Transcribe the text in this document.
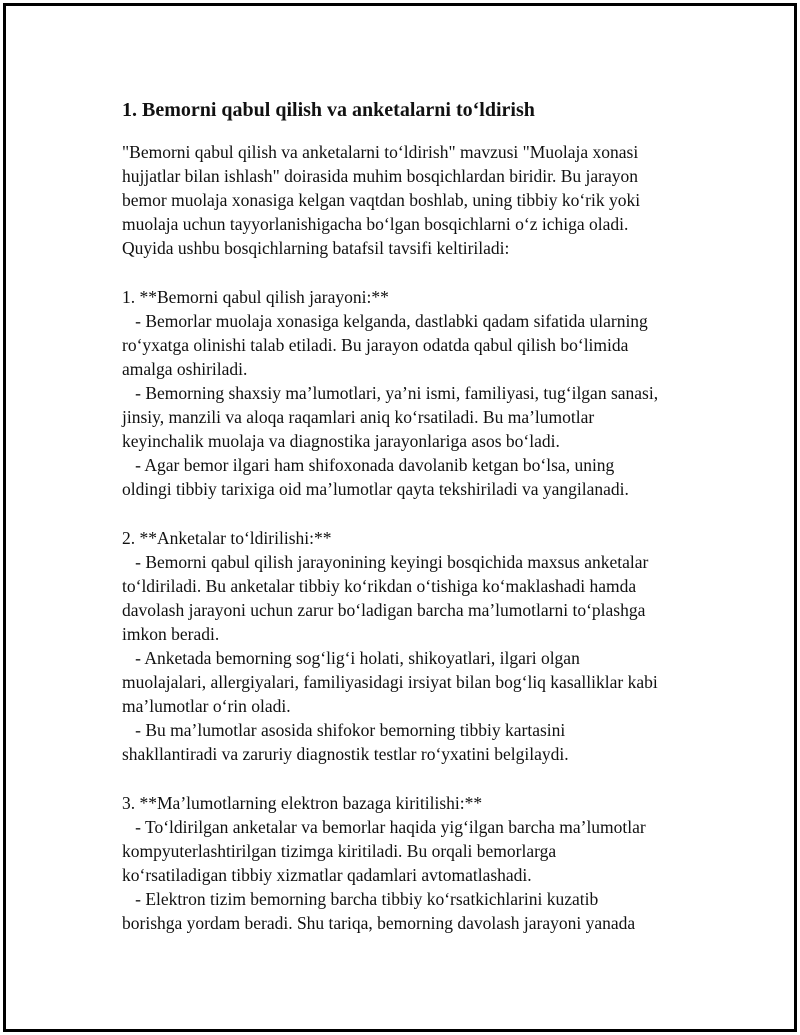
1. Bemorni qabul qilish va anketalarni to‘ldirish

"Bemorni qabul qilish va anketalarni to‘ldirish" mavzusi "Muolaja xonasi

hujjatlar bilan ishlash" doirasida muhim bosqichlardan biridir. Bu jarayon

bemor muolaja xonasiga kelgan vaqtdan boshlab, uning tibbiy ko‘rik yoki

muolaja uchun tayyorlanishigacha bo‘lgan bosqichlarni o‘z ichiga oladi.

Quyida ushbu bosqichlarning batafsil tavsifi keltiriladi:

1. **Bemorni qabul qilish jarayoni:**

- Bemorlar muolaja xonasiga kelganda, dastlabki qadam sifatida ularning

ro‘yxatga olinishi talab etiladi. Bu jarayon odatda qabul qilish bo‘limida

amalga oshiriladi.

- Bemorning shaxsiy ma’lumotlari, ya’ni ismi, familiyasi, tug‘ilgan sanasi,

jinsiy, manzili va aloqa raqamlari aniq ko‘rsatiladi. Bu ma’lumotlar

keyinchalik muolaja va diagnostika jarayonlariga asos bo‘ladi.

- Agar bemor ilgari ham shifoxonada davolanib ketgan bo‘lsa, uning

oldingi tibbiy tarixiga oid ma’lumotlar qayta tekshiriladi va yangilanadi.

2. **Anketalar to‘ldirilishi:**

- Bemorni qabul qilish jarayonining keyingi bosqichida maxsus anketalar

to‘ldiriladi. Bu anketalar tibbiy ko‘rikdan o‘tishiga ko‘maklashadi hamda

davolash jarayoni uchun zarur bo‘ladigan barcha ma’lumotlarni to‘plashga

imkon beradi.

- Anketada bemorning sog‘lig‘i holati, shikoyatlari, ilgari olgan

muolajalari, allergiyalari, familiyasidagi irsiyat bilan bog‘liq kasalliklar kabi

ma’lumotlar o‘rin oladi.

- Bu ma’lumotlar asosida shifokor bemorning tibbiy kartasini

shakllantiradi va zaruriy diagnostik testlar ro‘yxatini belgilaydi.

3. **Ma’lumotlarning elektron bazaga kiritilishi:**

- To‘ldirilgan anketalar va bemorlar haqida yig‘ilgan barcha ma’lumotlar

kompyuterlashtirilgan tizimga kiritiladi. Bu orqali bemorlarga

ko‘rsatiladigan tibbiy xizmatlar qadamlari avtomatlashadi.

- Elektron tizim bemorning barcha tibbiy ko‘rsatkichlarini kuzatib

borishga yordam beradi. Shu tariqa, bemorning davolash jarayoni yanada
